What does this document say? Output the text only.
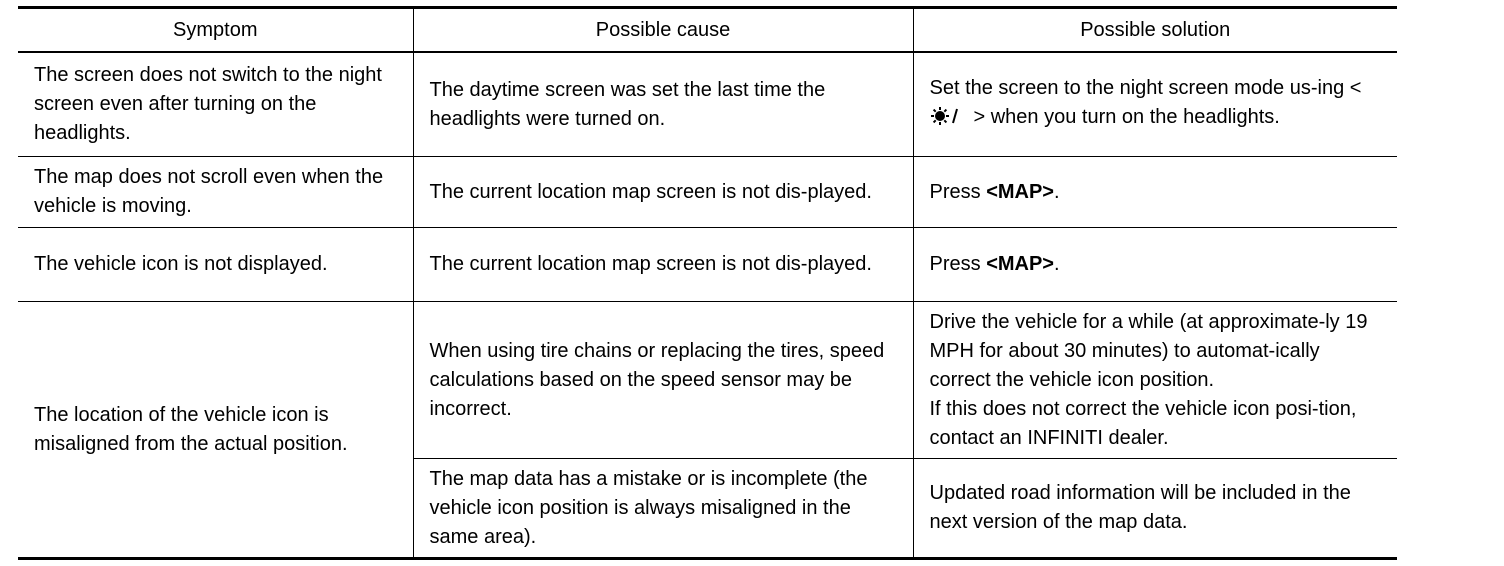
Symptom	Possible cause	Possible solution
The screen does not switch to the night screen even after turning on the headlights.	The daytime screen was set the last time the headlights were turned on.	Set the screen to the night screen mode us-ing <> when you turn on the headlights.
The map does not scroll even when the vehicle is moving.	The current location map screen is not dis-played.	Press <MAP>.
The vehicle icon is not displayed.	The current location map screen is not dis-played.	Press <MAP>.
The location of the vehicle icon is misaligned from the actual position.	When using tire chains or replacing the tires, speed calculations based on the speed sensor may be incorrect.	Drive the vehicle for a while (at approximate-ly 19 MPH for about 30 minutes) to automat-ically correct the vehicle icon position.
If this does not correct the vehicle icon posi-tion, contact an INFINITI dealer.

	The map data has a mistake or is incomplete (the vehicle icon position is always misaligned in the same area).	Updated road information will be included in the next version of the map data.
